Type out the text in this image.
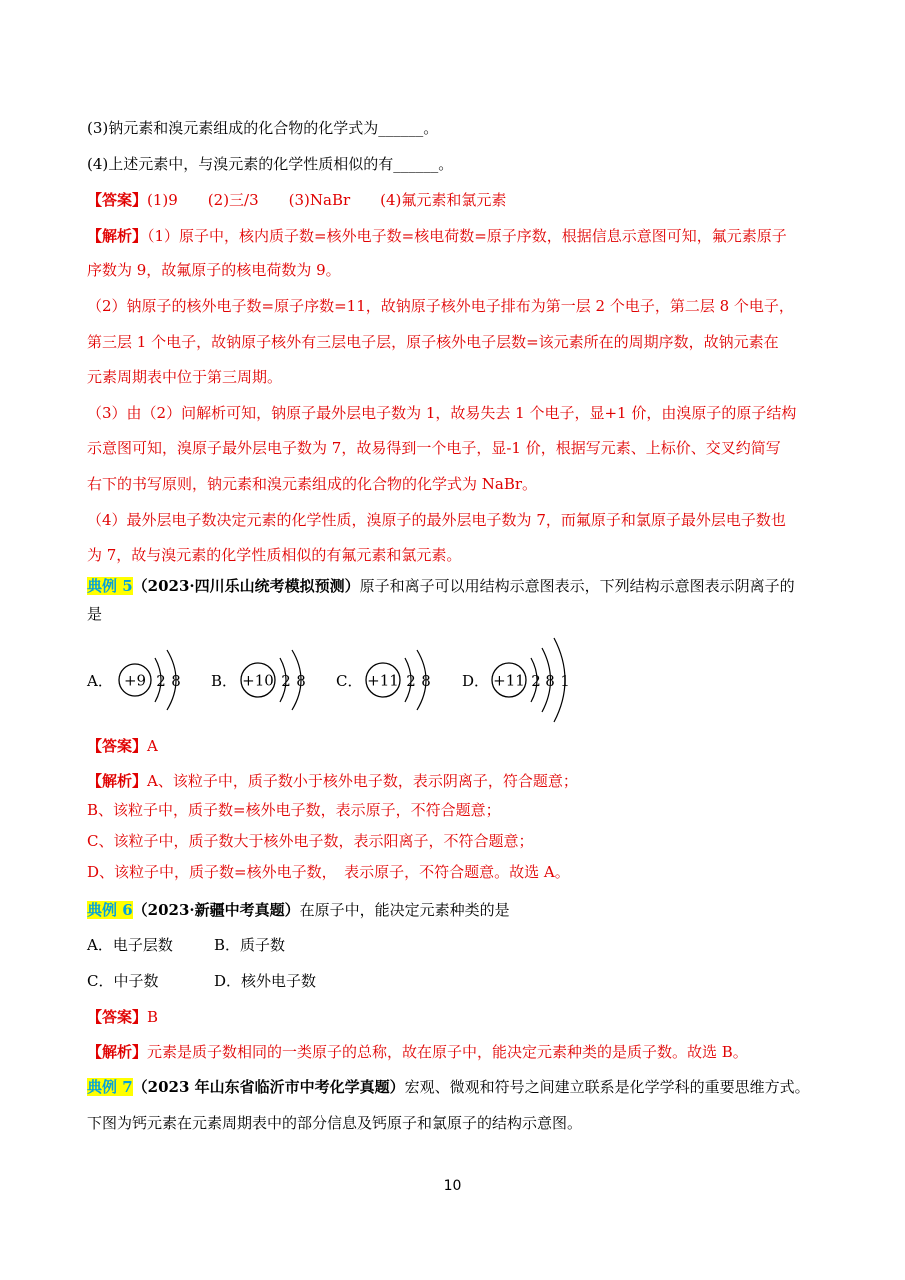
(3)钠元素和溴元素组成的化合物的化学式为______。
(4)上述元素中，与溴元素的化学性质相似的有______。
【答案】(1)9　　(2)三/3　　(3)NaBr　　(4)氟元素和氯元素
【解析】（1）原子中，核内质子数=核外电子数=核电荷数=原子序数，根据信息示意图可知，氟元素原子
序数为 9，故氟原子的核电荷数为 9。
（2）钠原子的核外电子数=原子序数=11，故钠原子核外电子排布为第一层 2 个电子，第二层 8 个电子，
第三层 1 个电子，故钠原子核外有三层电子层，原子核外电子层数=该元素所在的周期序数，故钠元素在
元素周期表中位于第三周期。
（3）由（2）问解析可知，钠原子最外层电子数为 1，故易失去 1 个电子，显+1 价，由溴原子的原子结构
示意图可知，溴原子最外层电子数为 7，故易得到一个电子，显-1 价，根据写元素、上标价、交叉约简写
右下的书写原则，钠元素和溴元素组成的化合物的化学式为 NaBr。
（4）最外层电子数决定元素的化学性质，溴原子的最外层电子数为 7，而氟原子和氯原子最外层电子数也
为 7，故与溴元素的化学性质相似的有氟元素和氯元素。
典例 5（2023·四川乐山统考模拟预测）原子和离子可以用结构示意图表示，下列结构示意图表示阴离子的
是
A． +9 2 8 B． +10 2 8 C． +11 2 8 D． +11 2 8 1
【答案】A
【解析】A、该粒子中，质子数小于核外电子数，表示阴离子，符合题意；
B、该粒子中，质子数=核外电子数，表示原子，不符合题意；
C、该粒子中，质子数大于核外电子数，表示阳离子，不符合题意；
D、该粒子中，质子数=核外电子数，　表示原子，不符合题意。故选 A。
典例 6（2023·新疆中考真题）在原子中，能决定元素种类的是
A．电子层数	B．质子数
C．中子数	D．核外电子数
【答案】B
【解析】元素是质子数相同的一类原子的总称，故在原子中，能决定元素种类的是质子数。故选 B。
典例 7（2023 年山东省临沂市中考化学真题）宏观、微观和符号之间建立联系是化学学科的重要思维方式。
下图为钙元素在元素周期表中的部分信息及钙原子和氯原子的结构示意图。
10
